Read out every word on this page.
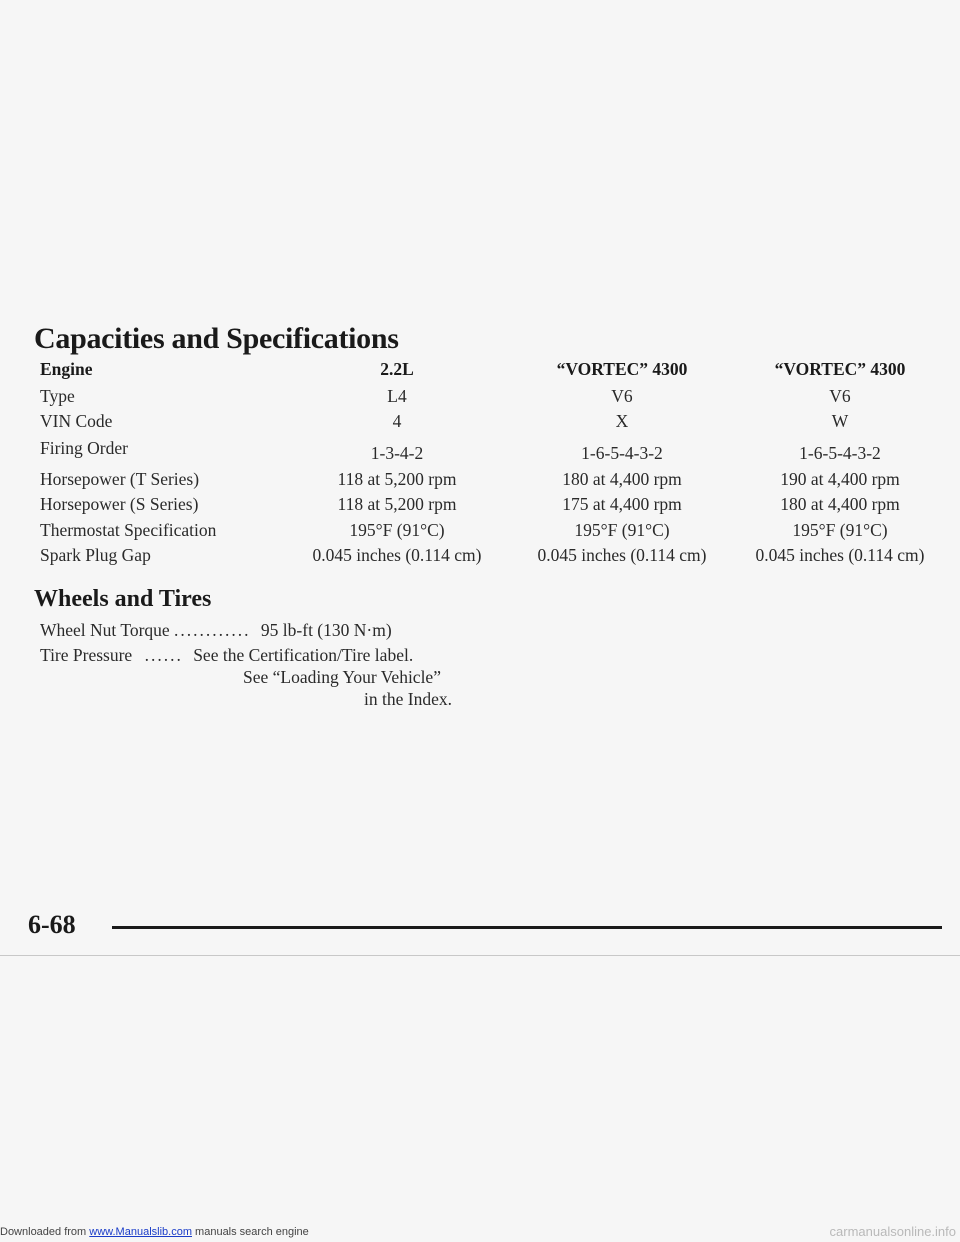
Capacities and Specifications
Engine	2.2L	“VORTEC” 4300	“VORTEC” 4300
Type	L4	V6	V6
VIN Code	4	X	W
Firing Order	1-3-4-2	1-6-5-4-3-2	1-6-5-4-3-2
Horsepower (T Series)	118 at 5,200 rpm	180 at 4,400 rpm	190 at 4,400 rpm
Horsepower (S Series)	118 at 5,200 rpm	175 at 4,400 rpm	180 at 4,400 rpm
Thermostat Specification	195°F (91°C)	195°F (91°C)	195°F (91°C)
Spark Plug Gap	0.045 inches (0.114 cm)	0.045 inches (0.114 cm)	0.045 inches (0.114 cm)
Wheels and Tires
Wheel Nut Torque ............ 95 lb-ft (130 N·m)
Tire Pressure ...... See the Certification/Tire label.
See “Loading Your Vehicle”
in the Index.
6-68
Downloaded from www.Manualslib.com manuals search engine	carmanualsonline.info
